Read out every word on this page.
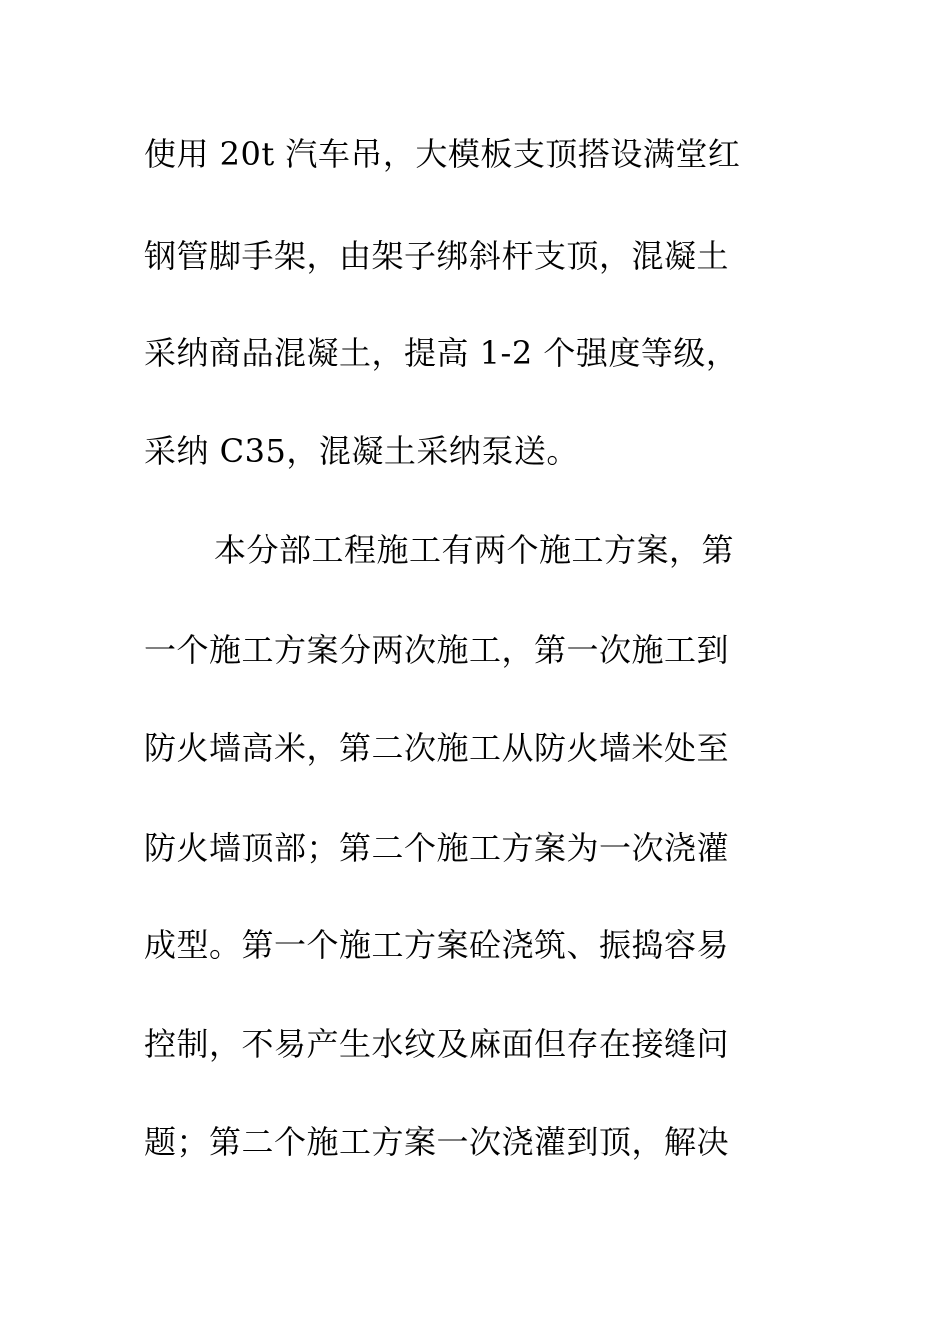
使用 20t 汽车吊，大模板支顶搭设满堂红
钢管脚手架，由架子绑斜杆支顶，混凝土
采纳商品混凝土，提高 1-2 个强度等级，
采纳 C35，混凝土采纳泵送。
本分部工程施工有两个施工方案，第
一个施工方案分两次施工，第一次施工到
防火墙高米，第二次施工从防火墙米处至
防火墙顶部；第二个施工方案为一次浇灌
成型。第一个施工方案砼浇筑、振捣容易
控制，不易产生水纹及麻面但存在接缝问
题；第二个施工方案一次浇灌到顶，解决
